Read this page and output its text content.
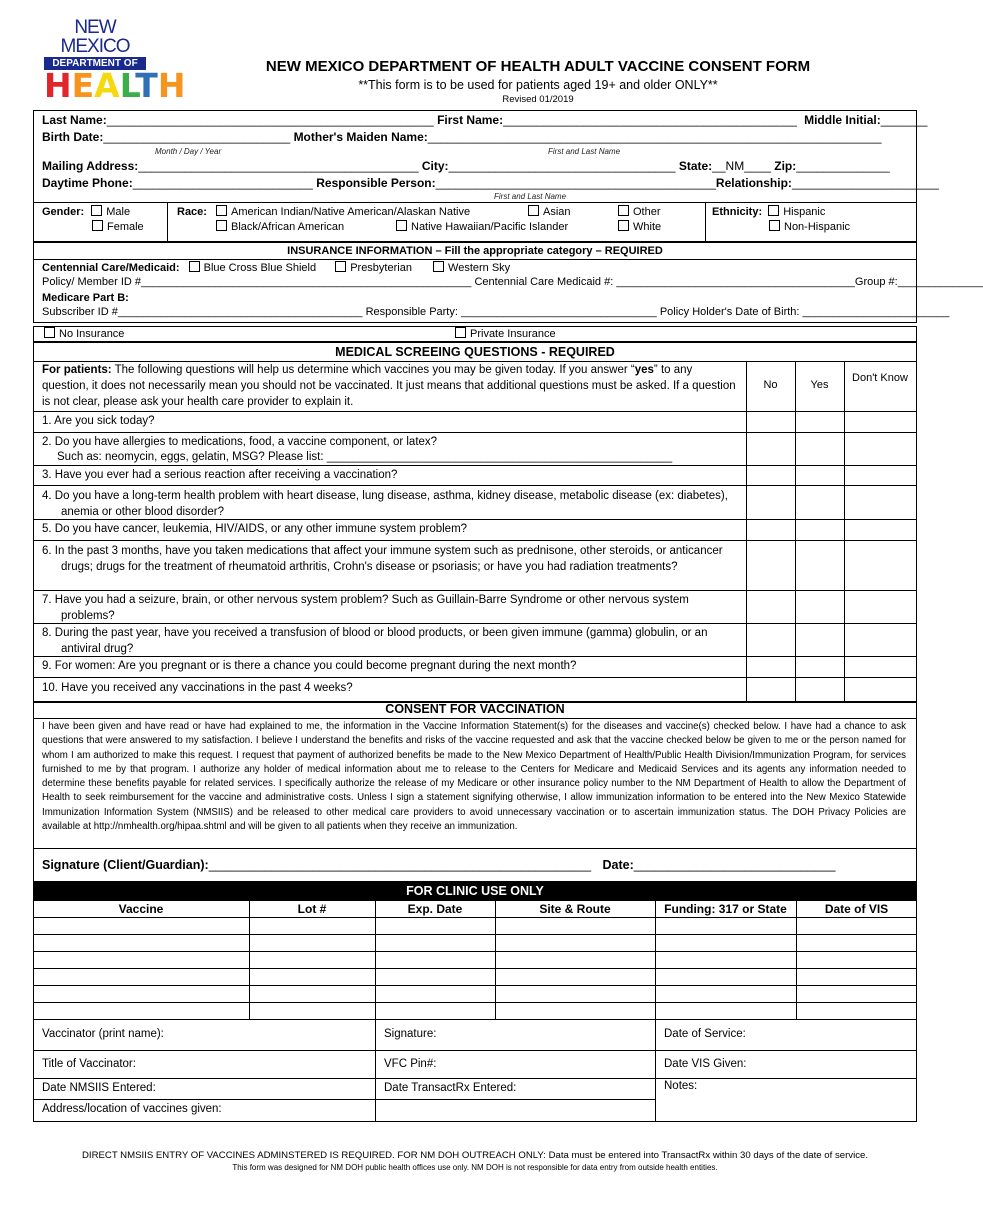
NEW MEXICO
DEPARTMENT OF
HEALTH	NEW MEXICO DEPARTMENT OF HEALTH ADULT VACCINE CONSENT FORM
**This form is to be used for patients aged 19+ and older ONLY**
Revised 01/2019
Last Name:_________________________________________________ First Name:____________________________________________ Middle Initial:_______
Birth Date:____________________________ Mother's Maiden Name:____________________________________________________________________
Month / Day / Year	First and Last Name
Mailing Address:__________________________________________ City:__________________________________ State:__NM____ Zip:______________
Daytime Phone:___________________________ Responsible Person:__________________________________________Relationship:______________________
First and Last Name
Gender: Male
Female
Race: American Indian/Native American/Alaskan Native
Black/African American	Native Hawaiian/Pacific Islander
Asian	Other
White
Ethnicity: Hispanic
Non-Hispanic
INSURANCE INFORMATION – Fill the appropriate category – REQUIRED
Centennial Care/Medicaid: Blue Cross Blue Shield	Presbyterian	Western Sky
Policy/ Member ID #______________________________________________________ Centennial Care Medicaid #: _______________________________________Group #:______________
Medicare Part B:
Subscriber ID #________________________________________ Responsible Party: ________________________________ Policy Holder's Date of Birth: ________________________
No Insurance	Private Insurance
MEDICAL SCREEING QUESTIONS - REQUIRED
For patients: The following questions will help us determine which vaccines you may be given today. If you answer “yes” to any question, it does not necessarily mean you should not be vaccinated. It just means that additional questions must be asked. If a question is not clear, please ask your health care provider to explain it.
No	Yes
Don't Know
1. Are you sick today?
2. Do you have allergies to medications, food, a vaccine component, or latex?
Such as: neomycin, eggs, gelatin, MSG? Please list: ______________________________________________________
3. Have you ever had a serious reaction after receiving a vaccination?
4. Do you have a long-term health problem with heart disease, lung disease, asthma, kidney disease, metabolic disease (ex: diabetes), anemia or other blood disorder?
5. Do you have cancer, leukemia, HIV/AIDS, or any other immune system problem?
6. In the past 3 months, have you taken medications that affect your immune system such as prednisone, other steroids, or anticancer drugs; drugs for the treatment of rheumatoid arthritis, Crohn's disease or psoriasis; or have you had radiation treatments?
7. Have you had a seizure, brain, or other nervous system problem? Such as Guillain-Barre Syndrome or other nervous system problems?
8. During the past year, have you received a transfusion of blood or blood products, or been given immune (gamma) globulin, or an antiviral drug?
9. For women: Are you pregnant or is there a chance you could become pregnant during the next month?
10. Have you received any vaccinations in the past 4 weeks?
CONSENT FOR VACCINATION
I have been given and have read or have had explained to me, the information in the Vaccine Information Statement(s) for the diseases and vaccine(s) checked below. I have had a chance to ask questions that were answered to my satisfaction. I believe I understand the benefits and risks of the vaccine requested and ask that the vaccine checked below be given to me or the person named for whom I am authorized to make this request. I request that payment of authorized benefits be made to the New Mexico Department of Health/Public Health Division/Immunization Program, for services furnished to me by that program. I authorize any holder of medical information about me to release to the Centers for Medicare and Medicaid Services and its agents any information needed to determine these benefits payable for related services. I specifically authorize the release of my Medicare or other insurance policy number to the NM Department of Health to allow the Department of Health to seek reimbursement for the vaccine and administrative costs. Unless I sign a statement signifying otherwise, I allow immunization information to be entered into the New Mexico Statewide Immunization Information System (NMSIIS) and be released to other medical care providers to avoid unnecessary vaccination or to ascertain immunization status. The DOH Privacy Policies are available at http://nmhealth.org/hipaa.shtml and will be given to all patients when they receive an immunization.
Signature (Client/Guardian):_______________________________________________________ Date:_____________________________
FOR CLINIC USE ONLY
Vaccine	Lot #	Exp. Date	Site & Route	Funding: 317 or State	Date of VIS
Vaccinator (print name):	Signature:	Date of Service:
Title of Vaccinator:	VFC Pin#:	Date VIS Given:
Date NMSIIS Entered:	Date TransactRx Entered:	Notes:
Address/location of vaccines given:
DIRECT NMSIIS ENTRY OF VACCINES ADMINSTERED IS REQUIRED. FOR NM DOH OUTREACH ONLY: Data must be entered into TransactRx within 30 days of the date of service.
This form was designed for NM DOH public health offices use only. NM DOH is not responsible for data entry from outside health entities.
